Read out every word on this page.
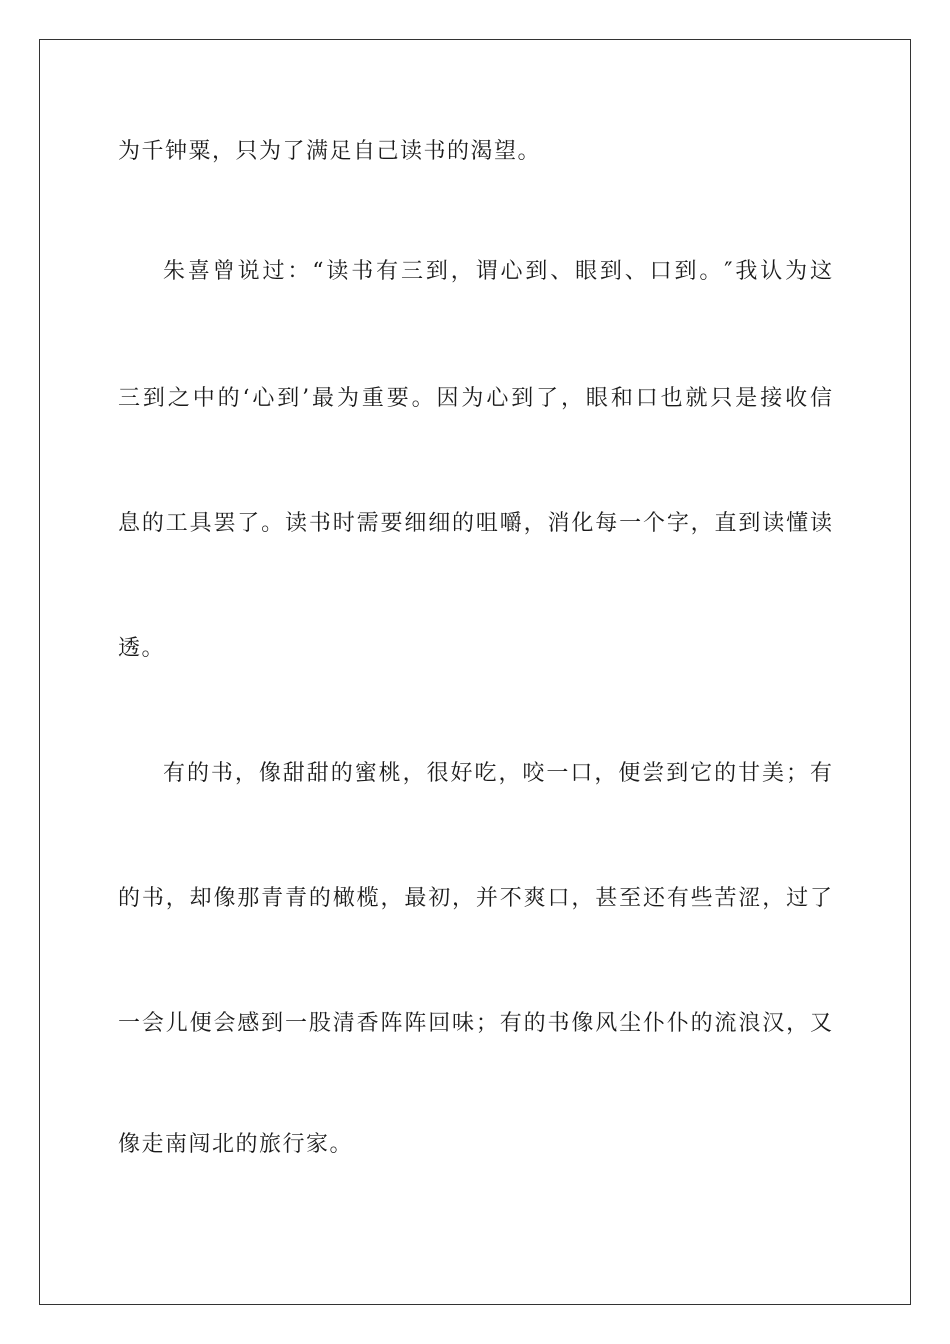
为千钟粟，只为了满足自己读书的渴望。
朱喜曾说过：“读书有三到，谓心到、眼到、口到。″我认为这
三到之中的‘心到’最为重要。因为心到了，眼和口也就只是接收信
息的工具罢了。读书时需要细细的咀嚼，消化每一个字，直到读懂读
透。
有的书，像甜甜的蜜桃，很好吃，咬一口，便尝到它的甘美；有
的书，却像那青青的橄榄，最初，并不爽口，甚至还有些苦涩，过了
一会儿便会感到一股清香阵阵回味；有的书像风尘仆仆的流浪汉，又
像走南闯北的旅行家。
